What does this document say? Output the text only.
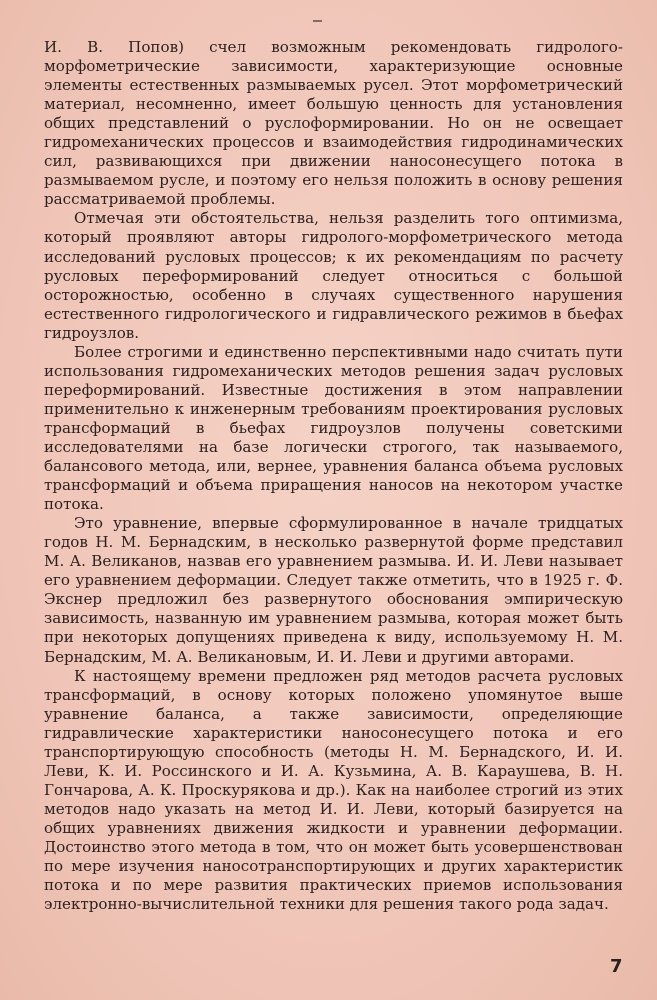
И. В. Попов) счел возможным рекомендовать гидролого-морфометрические зависимости, характеризующие основные элементы естественных размываемых русел. Этот морфометрический материал, несомненно, имеет большую ценность для установления общих представлений о руслоформировании. Но он не освещает гидромеханических процессов и взаимодействия гидродинамических сил, развивающихся при движении наносонесущего потока в размываемом русле, и поэтому его нельзя положить в основу решения рассматриваемой проблемы.

Отмечая эти обстоятельства, нельзя разделить того оптимизма, который проявляют авторы гидролого-морфометрического метода исследований русловых процессов; к их рекомендациям по расчету русловых переформирований следует относиться с большой осторожностью, особенно в случаях существенного нарушения естественного гидрологического и гидравлического режимов в бьефах гидроузлов.

Более строгими и единственно перспективными надо считать пути использования гидромеханических методов решения задач русловых переформирований. Известные достижения в этом направлении применительно к инженерным требованиям проектирования русловых трансформаций в бьефах гидроузлов получены советскими исследователями на базе логически строгого, так называемого, балансового метода, или, вернее, уравнения баланса объема русловых трансформаций и объема приращения наносов на некотором участке потока.

Это уравнение, впервые сформулированное в начале тридцатых годов Н. М. Бернадским, в несколько развернутой форме представил М. А. Великанов, назвав его уравнением размыва. И. И. Леви называет его уравнением деформации. Следует также отметить, что в 1925 г. Ф. Экснер предложил без развернутого обоснования эмпирическую зависимость, названную им уравнением размыва, которая может быть при некоторых допущениях приведена к виду, используемому Н. М. Бернадским, М. А. Великановым, И. И. Леви и другими авторами.

К настоящему времени предложен ряд методов расчета русловых трансформаций, в основу которых положено упомянутое выше уравнение баланса, а также зависимости, определяющие гидравлические характеристики наносонесущего потока и его транспортирующую способность (методы Н. М. Бернадского, И. И. Леви, К. И. Россинского и И. А. Кузьмина, А. В. Караушева, В. Н. Гончарова, А. К. Проскурякова и др.). Как на наиболее строгий из этих методов надо указать на метод И. И. Леви, который базируется на общих уравнениях движения жидкости и уравнении деформации. Достоинство этого метода в том, что он может быть усовершенствован по мере изучения наносотранспортирующих и других характеристик потока и по мере развития практических приемов использования электронно-вычислительной техники для решения такого рода задач.

7
